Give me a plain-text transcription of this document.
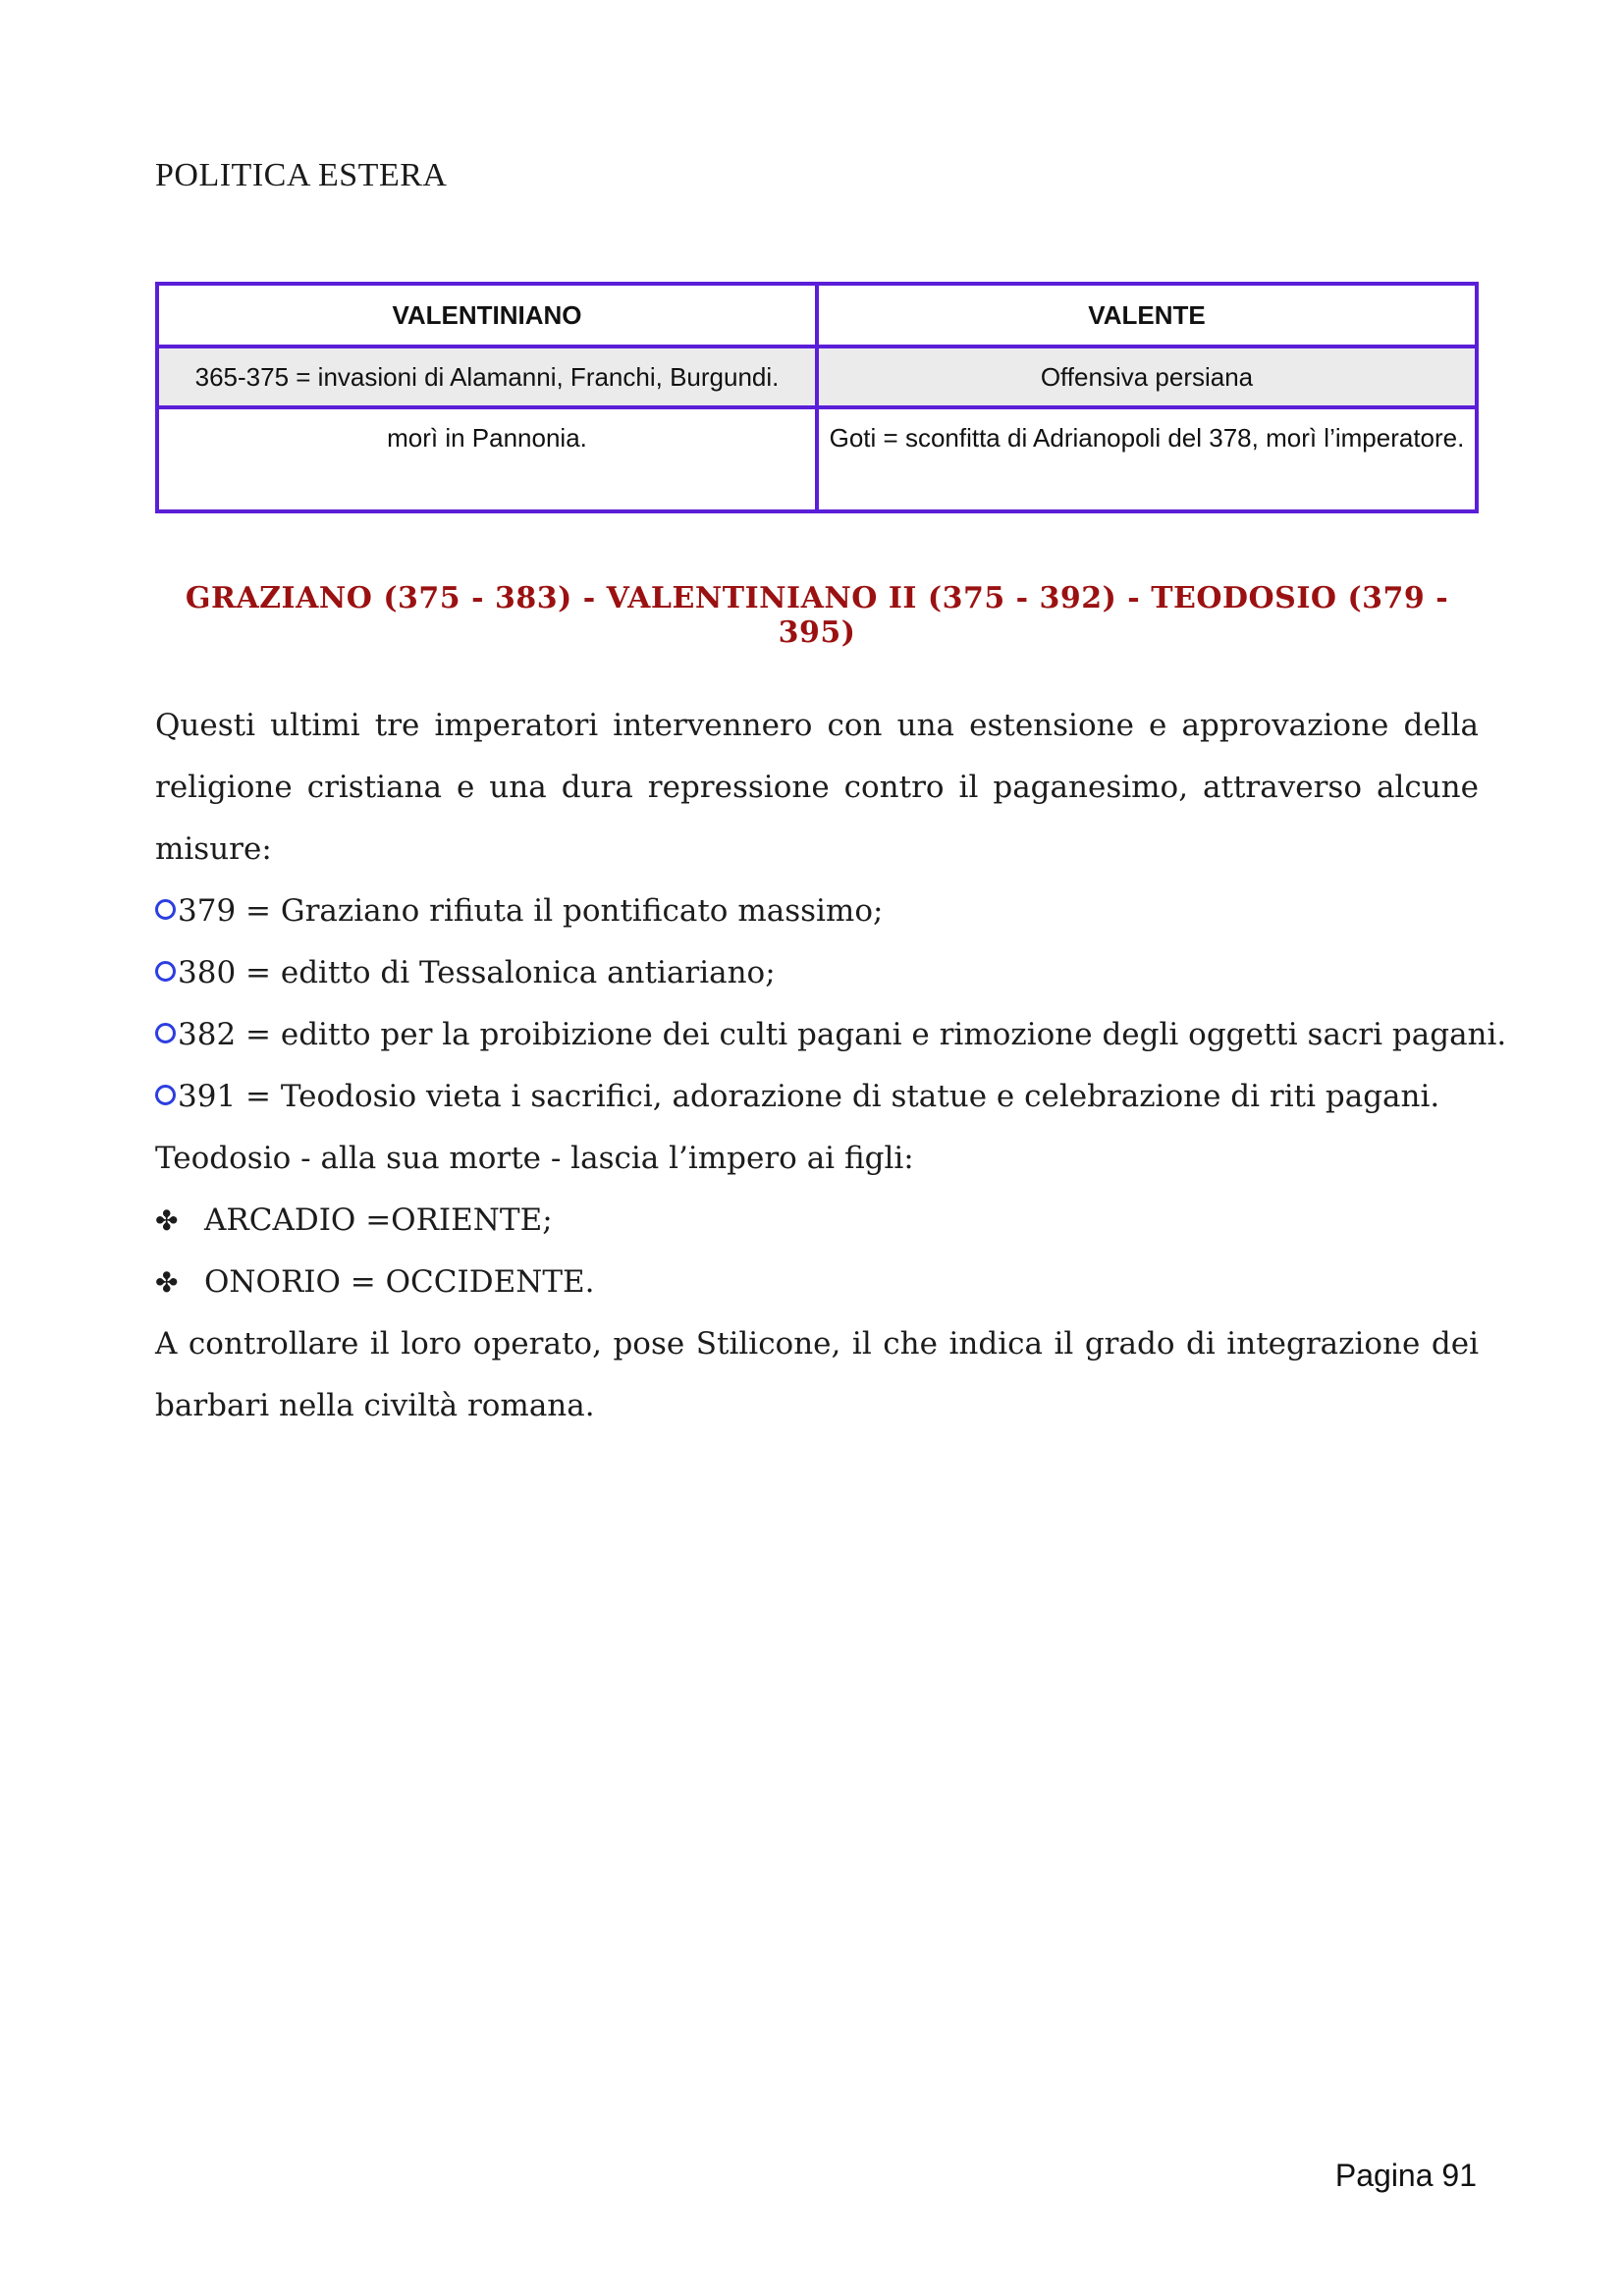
POLITICA ESTERA
VALENTINIANO	VALENTE
365-375 = invasioni di Alamanni, Franchi, Burgundi.	Offensiva persiana
morì in Pannonia.	Goti = sconfitta di Adrianopoli del 378, morì l’imperatore.
GRAZIANO (375 - 383) - VALENTINIANO II (375 - 392) - TEODOSIO (379 - 395)

Questi ultimi tre imperatori intervennero con una estensione e approvazione della religione cristiana e una dura repressione contro il paganesimo, attraverso alcune misure:

379 = Graziano rifiuta il pontificato massimo;
380 = editto di Tessalonica antiariano;
382 = editto per la proibizione dei culti pagani e rimozione degli oggetti sacri pagani.
391 = Teodosio vieta i sacrifici, adorazione di statue e celebrazione di riti pagani.
Teodosio - alla sua morte - lascia l’impero ai figli:
✤ ARCADIO =ORIENTE;
✤ ONORIO = OCCIDENTE.

A controllare il loro operato, pose Stilicone, il che indica il grado di integrazione dei barbari nella civiltà romana.

Pagina 91
